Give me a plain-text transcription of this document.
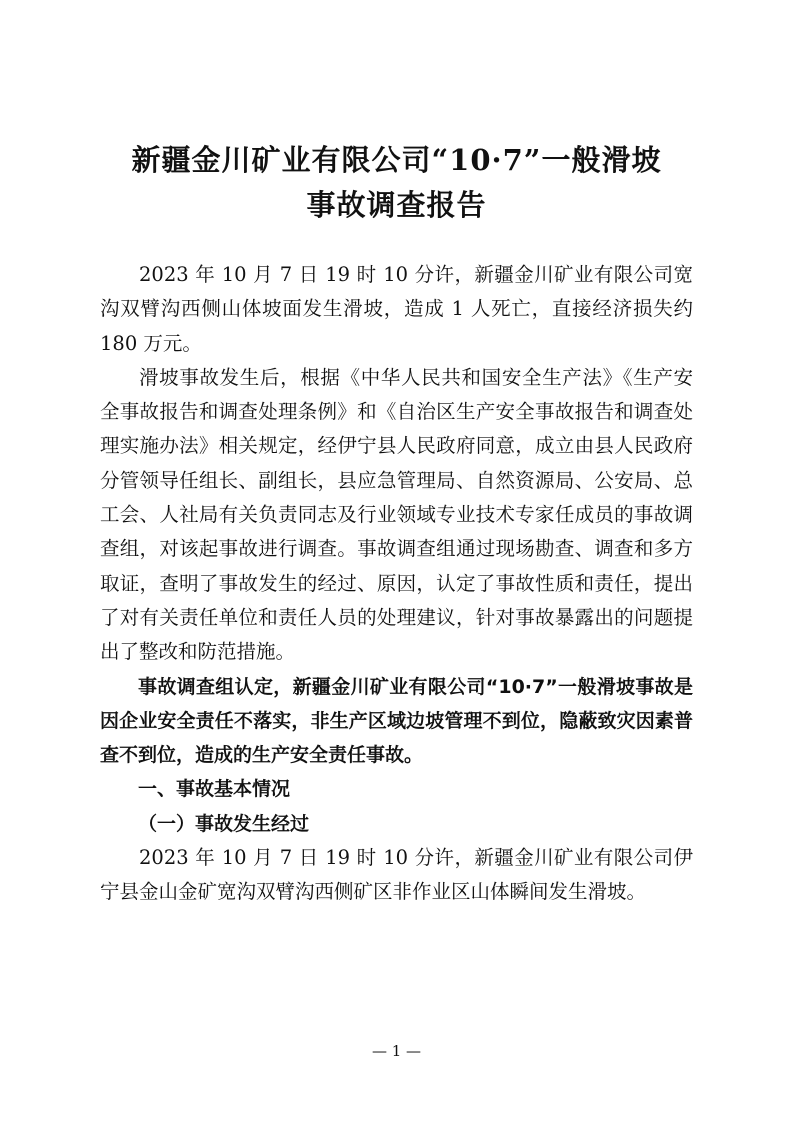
新疆金川矿业有限公司“10·7”一般滑坡
事故调查报告

2023 年 10 月 7 日 19 时 10 分许，新疆金川矿业有限公司宽沟双臂沟西侧山体坡面发生滑坡，造成 1 人死亡，直接经济损失约 180 万元。

滑坡事故发生后，根据《中华人民共和国安全生产法》《生产安全事故报告和调查处理条例》和《自治区生产安全事故报告和调查处理实施办法》相关规定，经伊宁县人民政府同意，成立由县人民政府分管领导任组长、副组长，县应急管理局、自然资源局、公安局、总工会、人社局有关负责同志及行业领域专业技术专家任成员的事故调查组，对该起事故进行调查。事故调查组通过现场勘查、调查和多方取证，查明了事故发生的经过、原因，认定了事故性质和责任，提出了对有关责任单位和责任人员的处理建议，针对事故暴露出的问题提出了整改和防范措施。

事故调查组认定，新疆金川矿业有限公司“10·7”一般滑坡事故是因企业安全责任不落实，非生产区域边坡管理不到位，隐蔽致灾因素普查不到位，造成的生产安全责任事故。

一、事故基本情况

（一）事故发生经过

2023 年 10 月 7 日 19 时 10 分许，新疆金川矿业有限公司伊宁县金山金矿宽沟双臂沟西侧矿区非作业区山体瞬间发生滑坡。

— 1 —
